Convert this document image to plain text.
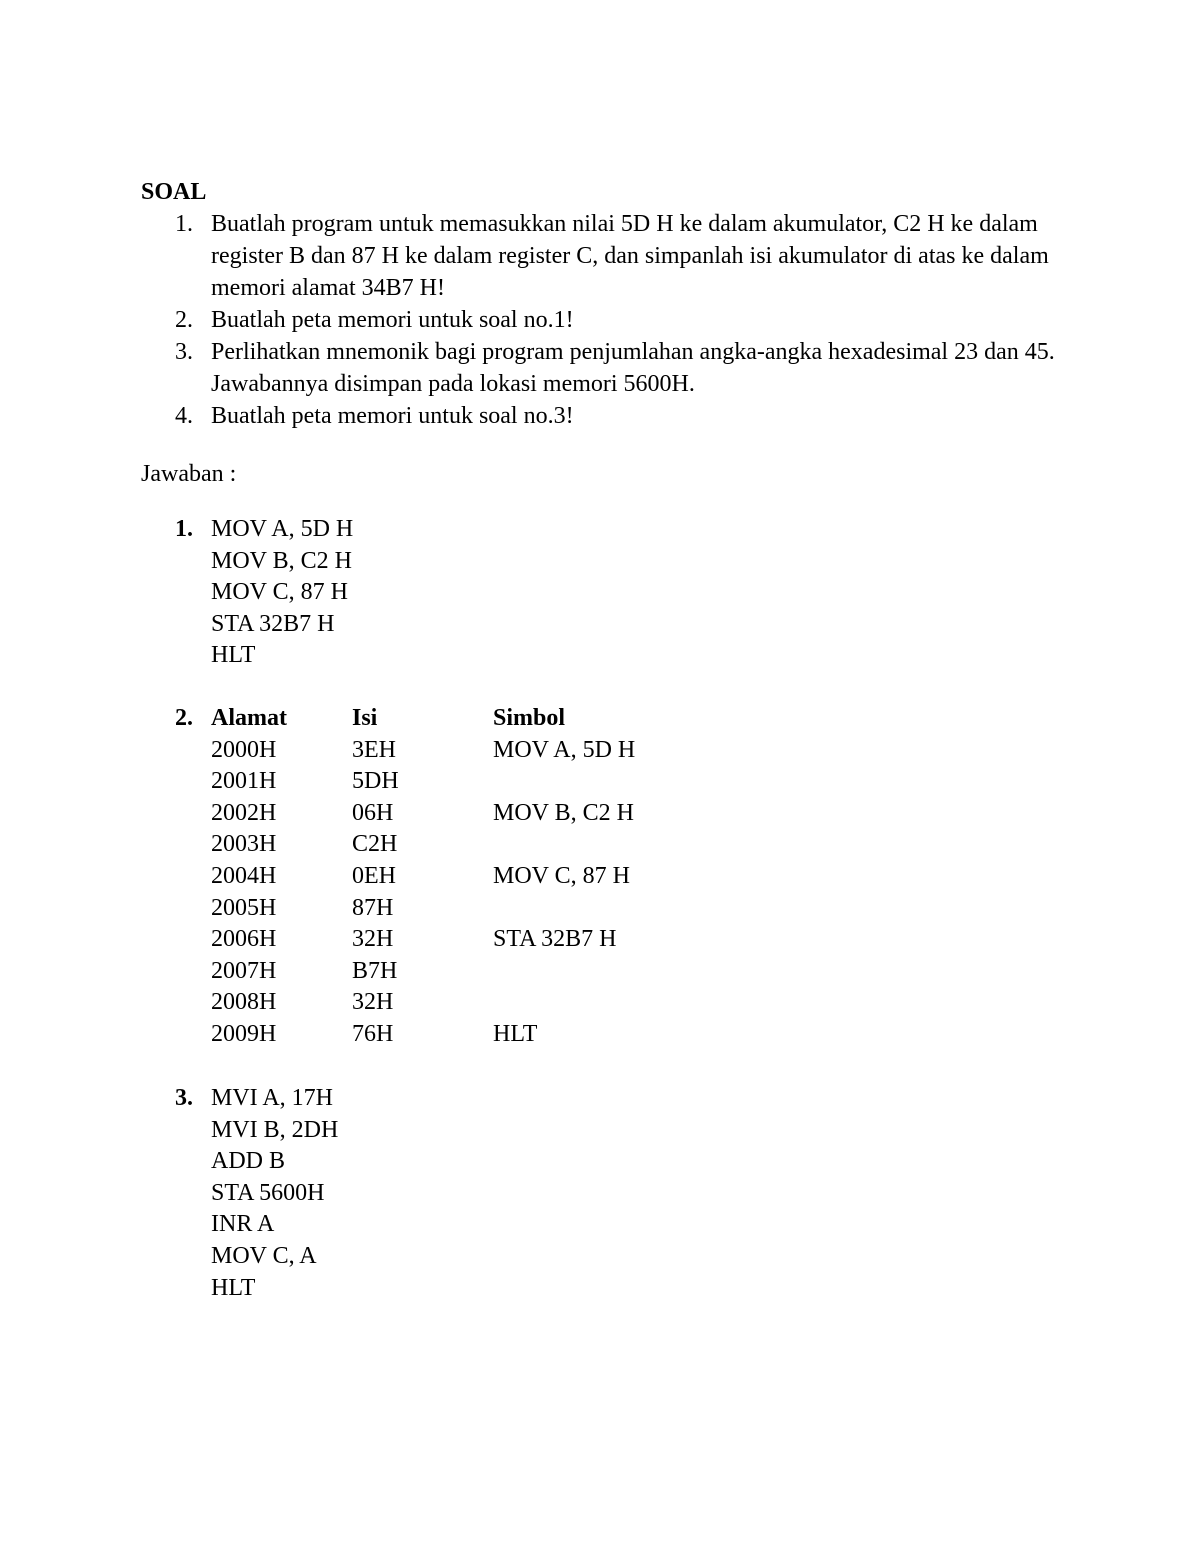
SOAL
1. Buatlah program untuk memasukkan nilai 5D H ke dalam akumulator, C2 H ke dalam register B dan 87 H ke dalam register C, dan simpanlah isi akumulator di atas ke dalam memori alamat 34B7 H!
2. Buatlah peta memori untuk soal no.1!
3. Perlihatkan mnemonik bagi program penjumlahan angka-angka hexadesimal 23 dan 45. Jawabannya disimpan pada lokasi memori 5600H.
4. Buatlah peta memori untuk soal no.3!
Jawaban :
1. MOV A, 5D H
MOV B, C2 H
MOV C, 87 H
STA 32B7 H
HLT
2. Alamat	Isi	Simbol
2000H	3EH	MOV A, 5D H
2001H	5DH	
2002H	06H	MOV B, C2 H
2003H	C2H	
2004H	0EH	MOV C, 87 H
2005H	87H	
2006H	32H	STA 32B7 H
2007H	B7H	
2008H	32H	
2009H	76H	HLT
3. MVI A, 17H
MVI B, 2DH
ADD B
STA 5600H
INR A
MOV C, A
HLT
